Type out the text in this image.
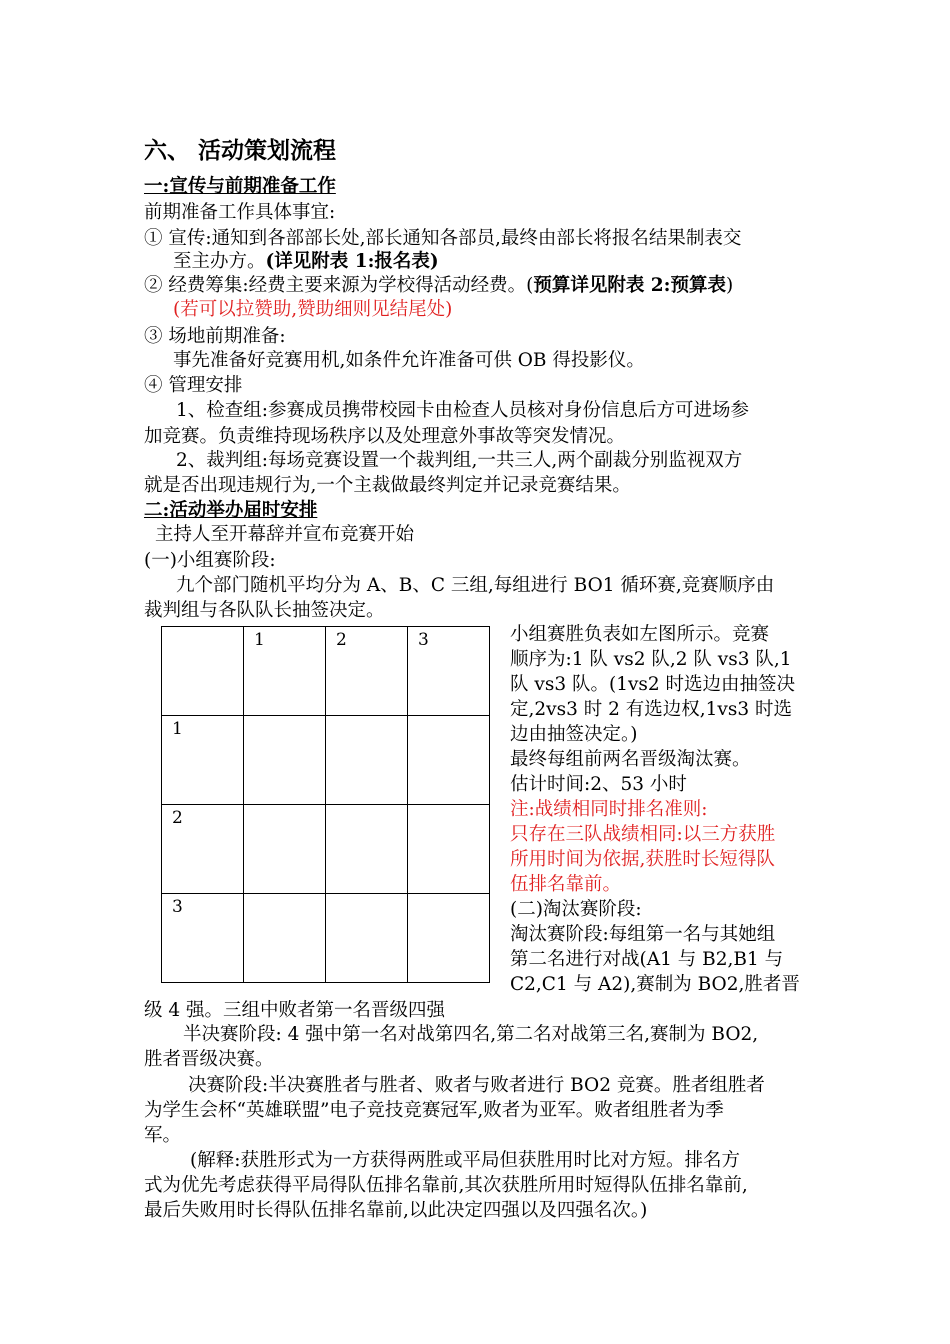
六、 活动策划流程
一:宣传与前期准备工作
前期准备工作具体事宜:
① 宣传:通知到各部部长处,部长通知各部员,最终由部长将报名结果制表交
至主办方。(详见附表 1:报名表)
② 经费筹集:经费主要来源为学校得活动经费。(预算详见附表 2:预算表)
(若可以拉赞助,赞助细则见结尾处)
③ 场地前期准备:
事先准备好竞赛用机,如条件允许准备可供 OB 得投影仪。
④ 管理安排
1、检查组:参赛成员携带校园卡由检查人员核对身份信息后方可进场参
加竞赛。负责维持现场秩序以及处理意外事故等突发情况。
2、裁判组:每场竞赛设置一个裁判组,一共三人,两个副裁分别监视双方
就是否出现违规行为,一个主裁做最终判定并记录竞赛结果。
二:活动举办届时安排
主持人至开幕辞并宣布竞赛开始
(一)小组赛阶段:
九个部门随机平均分为 A、B、C 三组,每组进行 BO1 循环赛,竞赛顺序由
裁判组与各队队长抽签决定。
	1	2	3
1			
2			
3			
小组赛胜负表如左图所示。竞赛
顺序为:1 队 vs2 队,2 队 vs3 队,1
队 vs3 队。(1vs2 时选边由抽签决
定,2vs3 时 2 有选边权,1vs3 时选
边由抽签决定。)
最终每组前两名晋级淘汰赛。
估计时间:2、53 小时
注:战绩相同时排名准则:
只存在三队战绩相同:以三方获胜
所用时间为依据,获胜时长短得队
伍排名靠前。
(二)淘汰赛阶段:
淘汰赛阶段:每组第一名与其她组
第二名进行对战(A1 与 B2,B1 与
C2,C1 与 A2),赛制为 BO2,胜者晋
级 4 强。三组中败者第一名晋级四强
半决赛阶段: 4 强中第一名对战第四名,第二名对战第三名,赛制为 BO2,
胜者晋级决赛。
决赛阶段:半决赛胜者与胜者、败者与败者进行 BO2 竞赛。胜者组胜者
为学生会杯“英雄联盟”电子竞技竞赛冠军,败者为亚军。败者组胜者为季
军。
(解释:获胜形式为一方获得两胜或平局但获胜用时比对方短。排名方
式为优先考虑获得平局得队伍排名靠前,其次获胜所用时短得队伍排名靠前,
最后失败用时长得队伍排名靠前,以此决定四强以及四强名次。)
